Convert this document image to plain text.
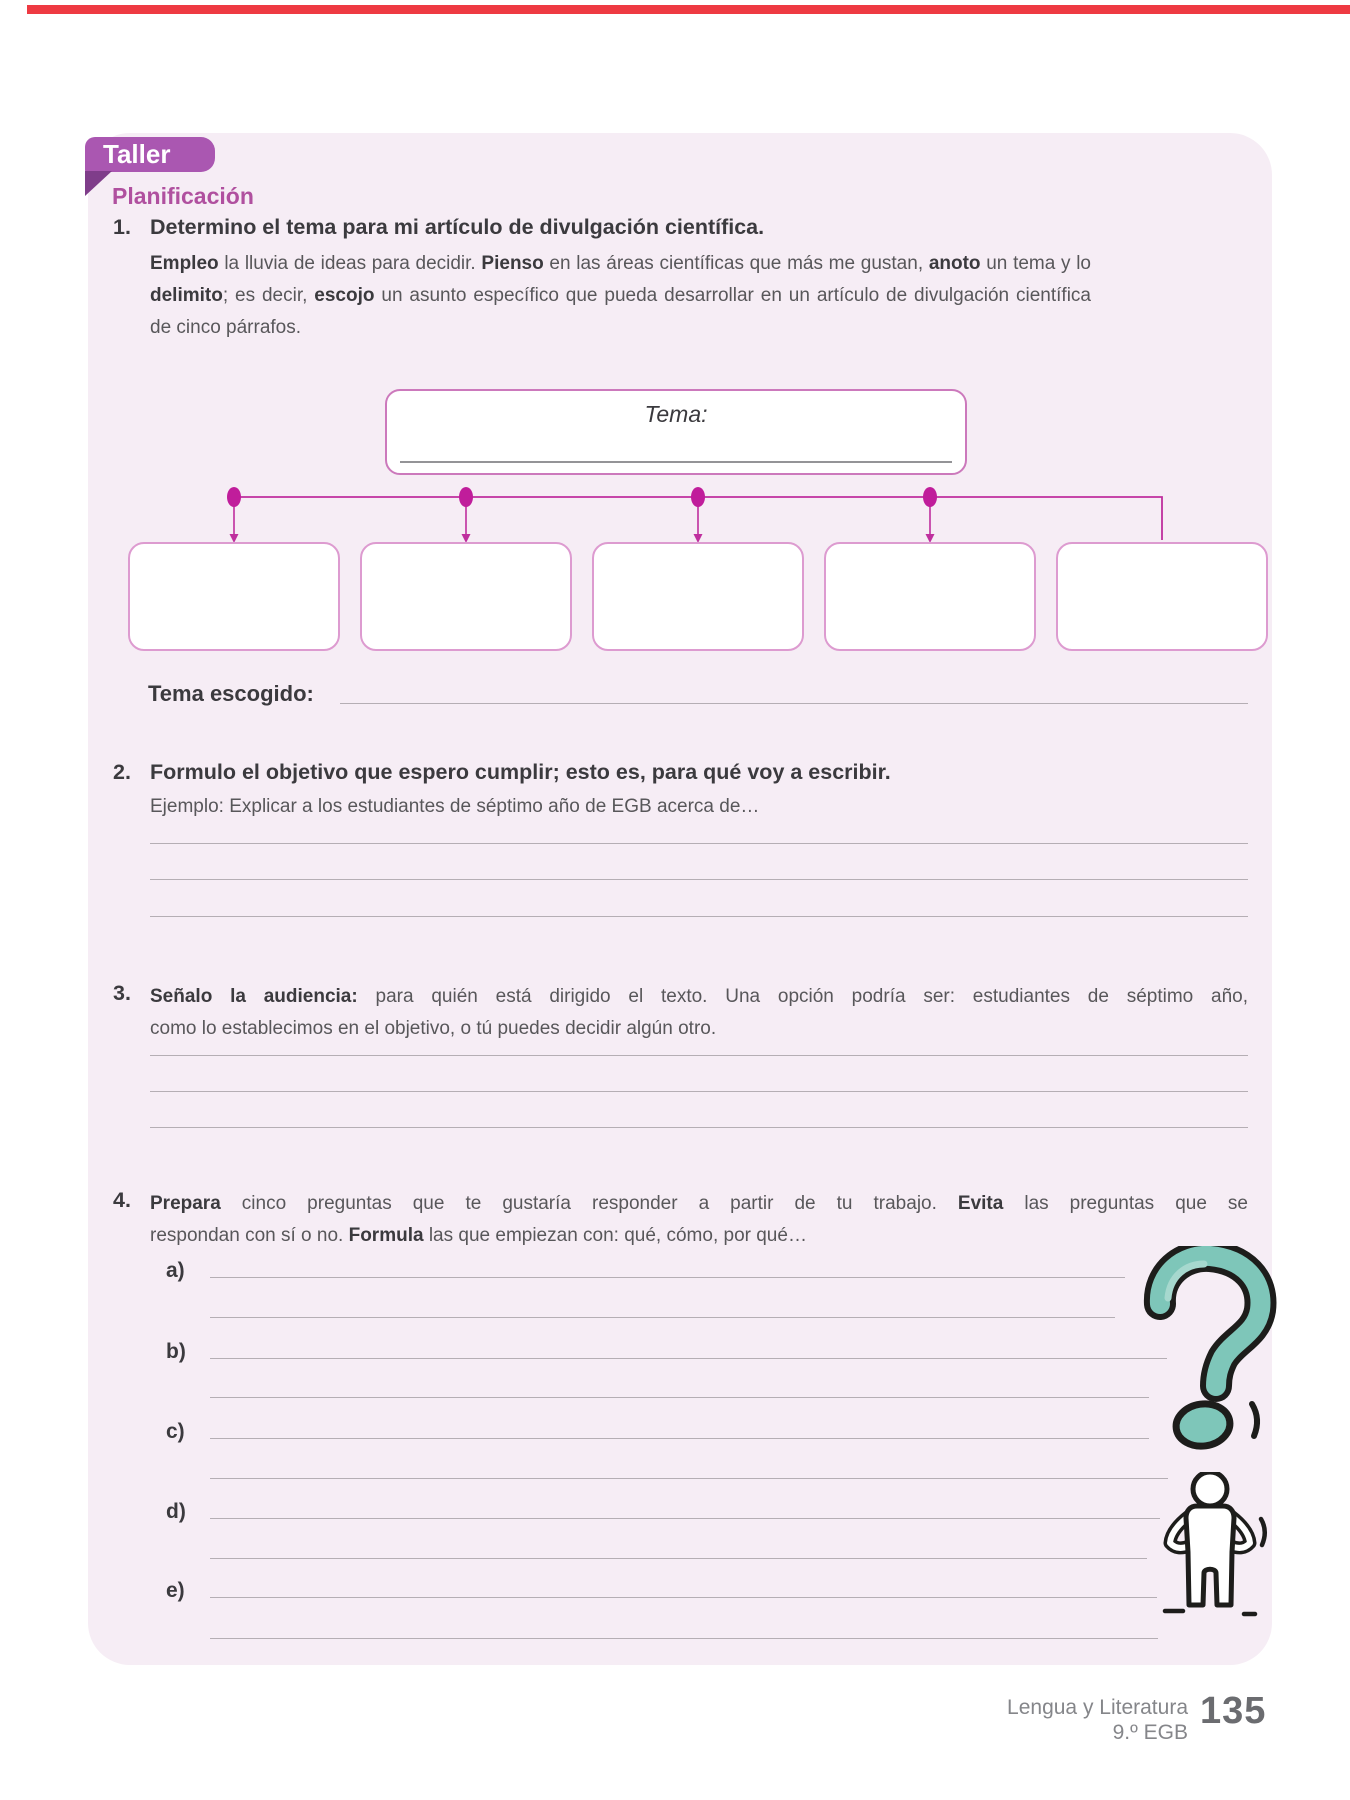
Taller
Planificación
1. Determino el tema para mi artículo de divulgación científica.
Empleo la lluvia de ideas para decidir. Pienso en las áreas científicas que más me gustan, anoto un tema y lo
delimito; es decir, escojo un asunto específico que pueda desarrollar en un artículo de divulgación científica
de cinco párrafos.
Tema:
Tema escogido:
2. Formulo el objetivo que espero cumplir; esto es, para qué voy a escribir.
Ejemplo: Explicar a los estudiantes de séptimo año de EGB acerca de…
3. Señalo la audiencia: para quién está dirigido el texto. Una opción podría ser: estudiantes de séptimo año,
como lo establecimos en el objetivo, o tú puedes decidir algún otro.
4. Prepara cinco preguntas que te gustaría responder a partir de tu trabajo. Evita las preguntas que se
respondan con sí o no. Formula las que empiezan con: qué, cómo, por qué…
a)
b)
c)
d)
e)
Lengua y Literatura
9.º EGB
135
